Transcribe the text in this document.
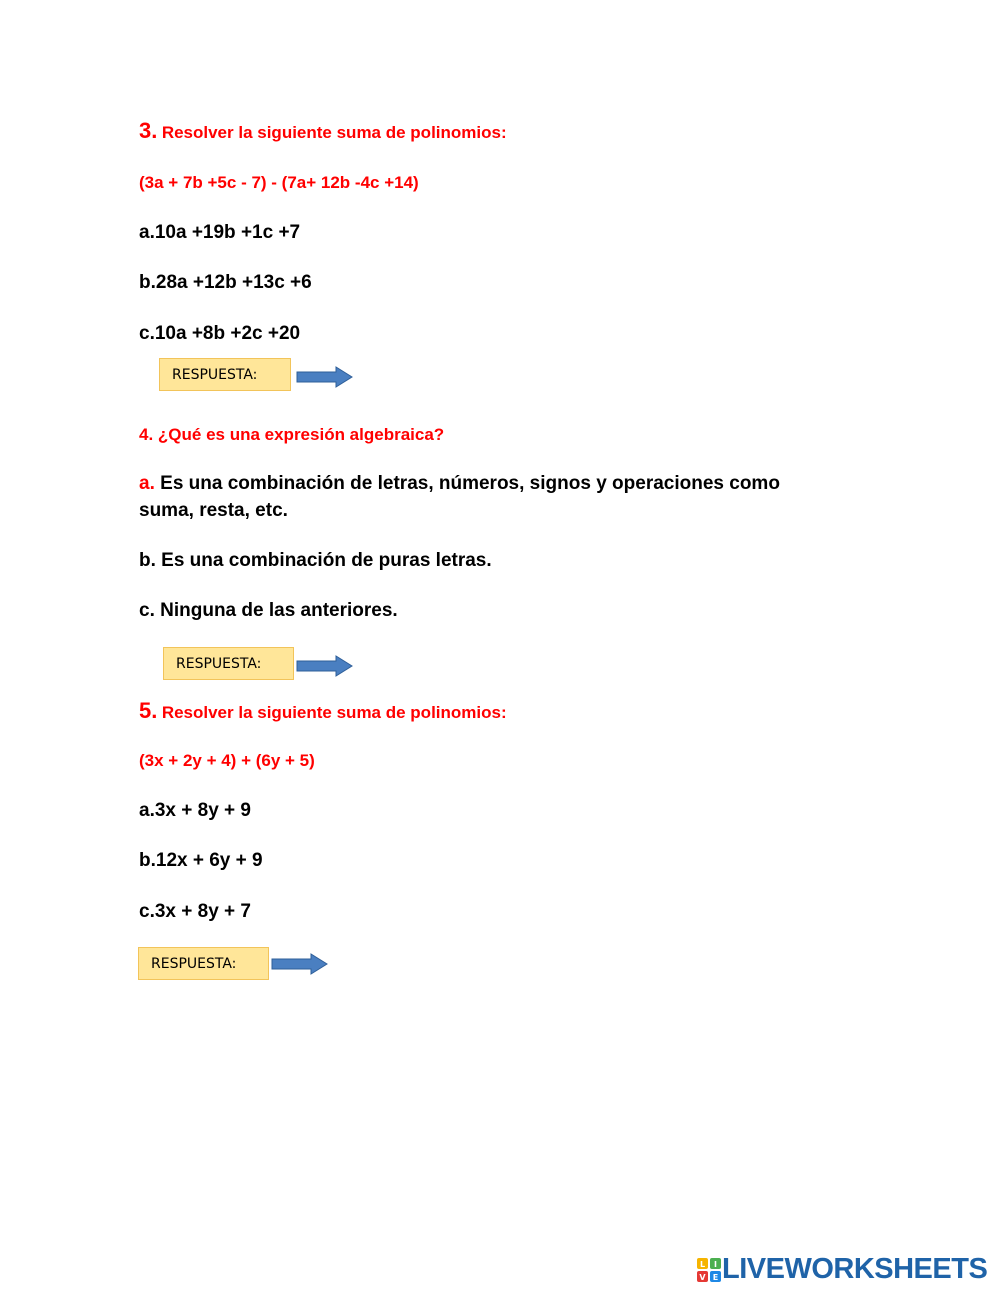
3. Resolver la siguiente suma de polinomios:
(3a + 7b +5c - 7) - (7a+ 12b -4c +14)
a.10a +19b +1c +7
b.28a +12b +13c +6
c.10a +8b +2c +20
RESPUESTA:
4. ¿Qué es una expresión algebraica?
a. Es una combinación de letras, números, signos y operaciones como suma, resta, etc.
b. Es una combinación de puras letras.
c. Ninguna de las anteriores.
RESPUESTA:
5. Resolver la siguiente suma de polinomios:
(3x + 2y + 4) + (6y + 5)
a.3x + 8y + 9
b.12x + 6y + 9
c.3x + 8y + 7
RESPUESTA:
L I
V E LIVEWORKSHEETS
